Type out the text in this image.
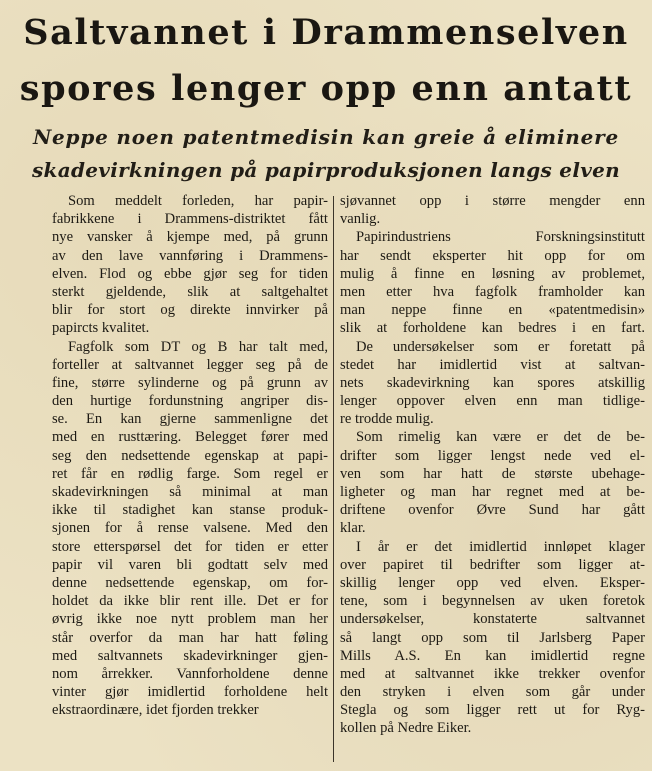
Saltvannet i Drammenselven
spores lenger opp enn antatt
Neppe noen patentmedisin kan greie å eliminere
skadevirkningen på papirproduksjonen langs elven
Som meddelt forleden, har papir-
fabrikkene i Drammens-distriktet fått
nye vansker å kjempe med, på grunn
av den lave vannføring i Drammens-
elven. Flod og ebbe gjør seg for tiden
sterkt gjeldende, slik at saltgehaltet
blir for stort og direkte innvirker på
papircts kvalitet.
Fagfolk som DT og B har talt med,
forteller at saltvannet legger seg på de
fine, større sylinderne og på grunn av
den hurtige fordunstning angriper dis-
se. En kan gjerne sammenligne det
med en rusttæring. Belegget fører med
seg den nedsettende egenskap at papi-
ret får en rødlig farge. Som regel er
skadevirkningen så minimal at man
ikke til stadighet kan stanse produk-
sjonen for å rense valsene. Med den
store etterspørsel det for tiden er etter
papir vil varen bli godtatt selv med
denne nedsettende egenskap, om for-
holdet da ikke blir rent ille. Det er for
øvrig ikke noe nytt problem man her
står overfor da man har hatt føling
med saltvannets skadevirkninger gjen-
nom årrekker. Vannforholdene denne
vinter gjør imidlertid forholdene helt
ekstraordinære, idet fjorden trekker
sjøvannet opp i større mengder enn
vanlig.
Papirindustriens Forskningsinstitutt
har sendt eksperter hit opp for om
mulig å finne en løsning av problemet,
men etter hva fagfolk framholder kan
man neppe finne en «patentmedisin»
slik at forholdene kan bedres i en fart.
De undersøkelser som er foretatt på
stedet har imidlertid vist at saltvan-
nets skadevirkning kan spores atskillig
lenger oppover elven enn man tidlige-
re trodde mulig.
Som rimelig kan være er det de be-
drifter som ligger lengst nede ved el-
ven som har hatt de største ubehage-
ligheter og man har regnet med at be-
driftene ovenfor Øvre Sund har gått
klar.
I år er det imidlertid innløpet klager
over papiret til bedrifter som ligger at-
skillig lenger opp ved elven. Eksper-
tene, som i begynnelsen av uken foretok
undersøkelser, konstaterte saltvannet
så langt opp som til Jarlsberg Paper
Mills A.S. En kan imidlertid regne
med at saltvannet ikke trekker ovenfor
den stryken i elven som går under
Stegla og som ligger rett ut for Ryg-
kollen på Nedre Eiker.
